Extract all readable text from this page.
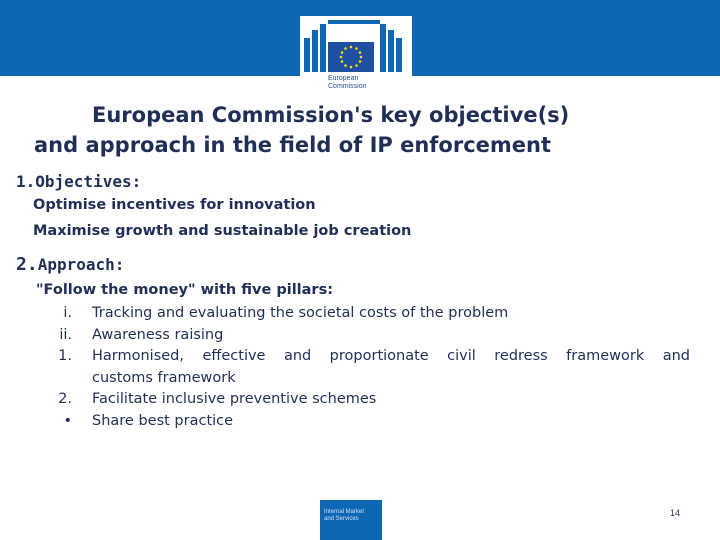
European
Commission
European Commission's key objective(s)
and approach in the field of IP enforcement
1.Objectives:
Optimise incentives for innovation
Maximise growth and sustainable job creation
2.Approach:
"Follow the money" with five pillars:
i. Tracking and evaluating the societal costs of the problem
ii. Awareness raising
1. Harmonised, effective and proportionate civil redress framework and
customs framework
2. Facilitate inclusive preventive schemes
• Share best practice
Internal Market
and Services
14
